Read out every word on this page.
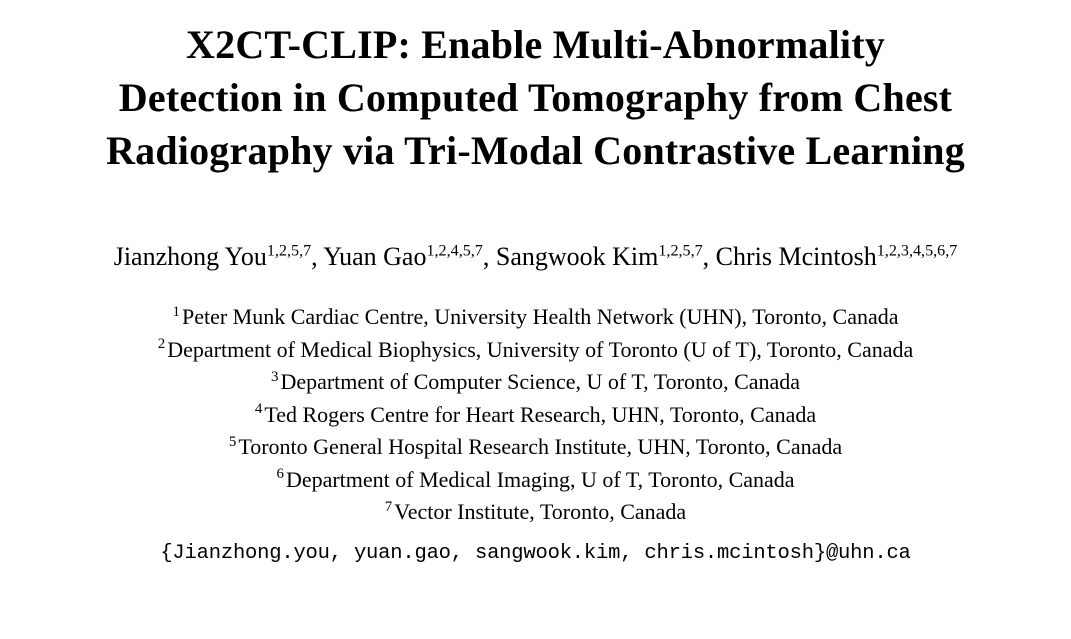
X2CT-CLIP: Enable Multi-Abnormality
Detection in Computed Tomography from Chest
Radiography via Tri-Modal Contrastive Learning
Jianzhong You$^{1,2,5,7}$, Yuan Gao$^{1,2,4,5,7}$, Sangwook Kim$^{1,2,5,7}$, Chris Mcintosh$^{1,2,3,4,5,6,7}$
$^1$Peter Munk Cardiac Centre, University Health Network (UHN), Toronto, Canada
$^2$Department of Medical Biophysics, University of Toronto (U of T), Toronto, Canada
$^3$Department of Computer Science, U of T, Toronto, Canada
$^4$Ted Rogers Centre for Heart Research, UHN, Toronto, Canada
$^5$Toronto General Hospital Research Institute, UHN, Toronto, Canada
$^6$Department of Medical Imaging, U of T, Toronto, Canada
$^7$Vector Institute, Toronto, Canada
{Jianzhong.you, yuan.gao, sangwook.kim, chris.mcintosh}@uhn.ca
